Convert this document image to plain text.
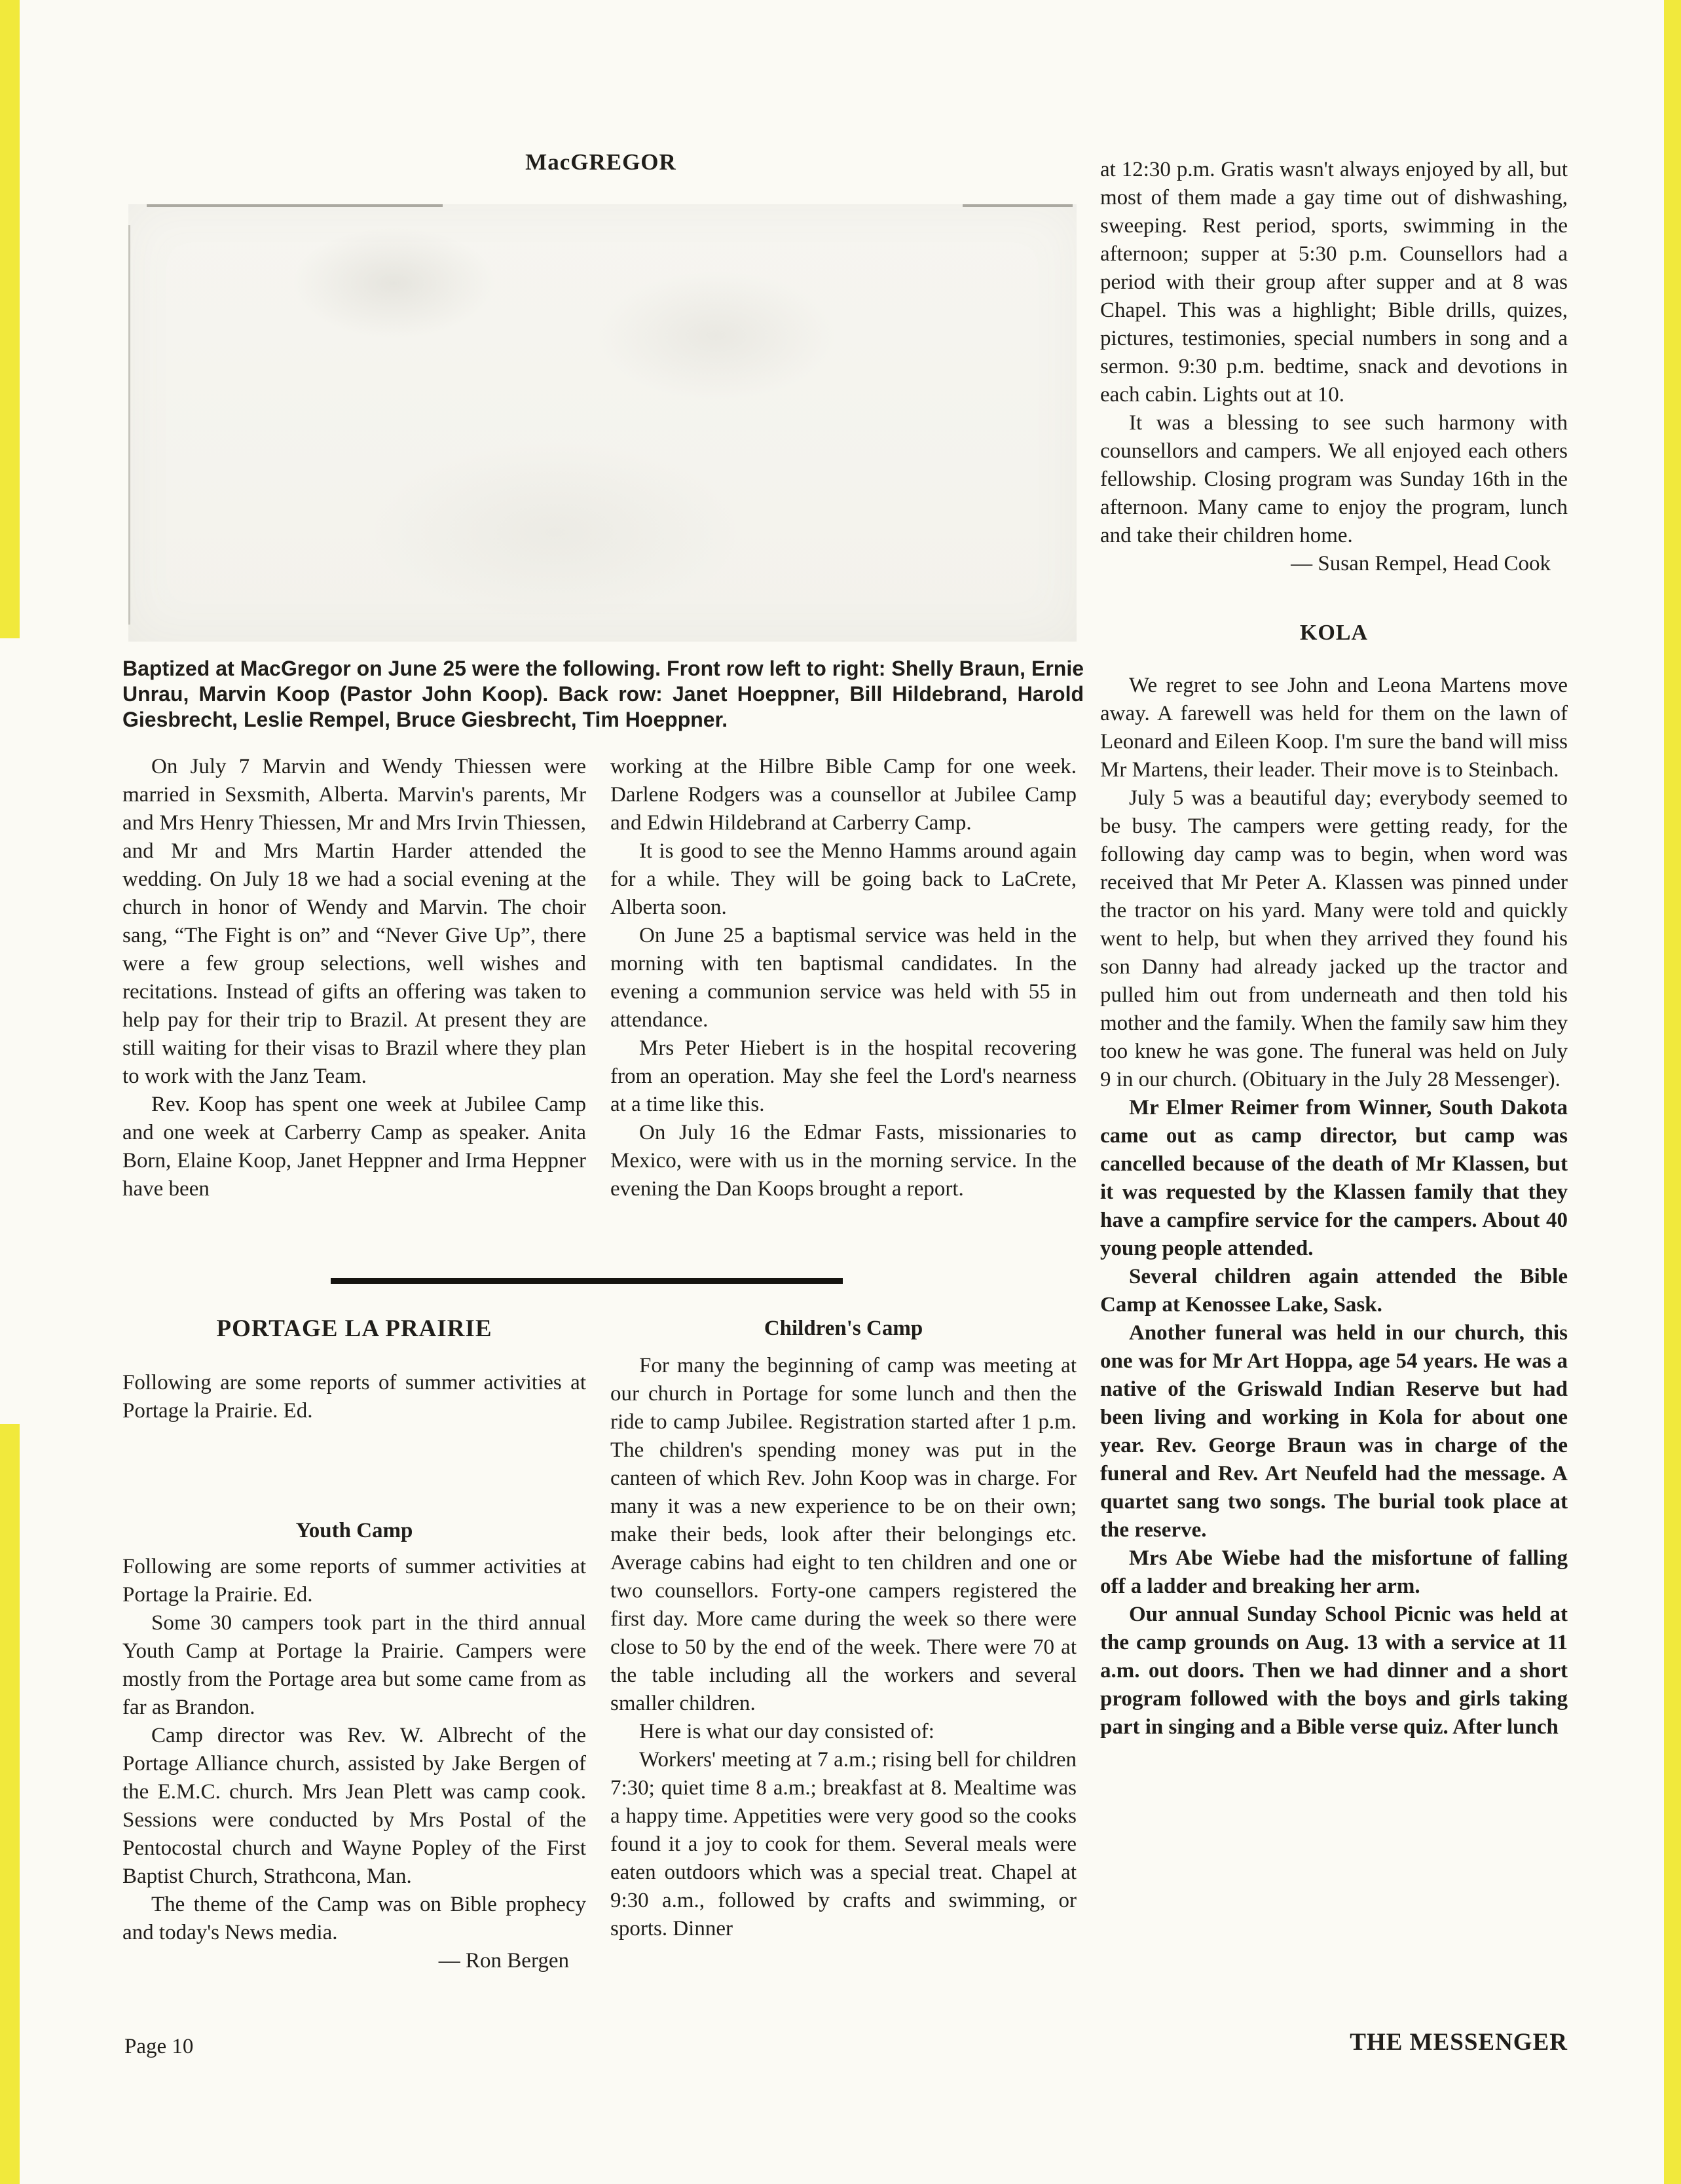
MacGREGOR
Baptized at MacGregor on June 25 were the following. Front row left to right: Shelly Braun, Ernie Unrau, Marvin Koop (Pastor John Koop). Back row: Janet Hoeppner, Bill Hildebrand, Harold Giesbrecht, Leslie Rempel, Bruce Giesbrecht, Tim Hoeppner.

On July 7 Marvin and Wendy Thiessen were married in Sexsmith, Alberta. Marvin's parents, Mr and Mrs Henry Thiessen, Mr and Mrs Irvin Thiessen, and Mr and Mrs Martin Harder attended the wedding. On July 18 we had a social evening at the church in honor of Wendy and Marvin. The choir sang, “The Fight is on” and “Never Give Up”, there were a few group selections, well wishes and recitations. Instead of gifts an offering was taken to help pay for their trip to Brazil. At present they are still waiting for their visas to Brazil where they plan to work with the Janz Team.

Rev. Koop has spent one week at Jubilee Camp and one week at Carberry Camp as speaker. Anita Born, Elaine Koop, Janet Heppner and Irma Heppner have been

working at the Hilbre Bible Camp for one week. Darlene Rodgers was a counsellor at Jubilee Camp and Edwin Hildebrand at Carberry Camp.

It is good to see the Menno Hamms around again for a while. They will be going back to LaCrete, Alberta soon.

On June 25 a baptismal service was held in the morning with ten baptismal candidates. In the evening a communion service was held with 55 in attendance.

Mrs Peter Hiebert is in the hospital recovering from an operation. May she feel the Lord's nearness at a time like this.

On July 16 the Edmar Fasts, missionaries to Mexico, were with us in the morning service. In the evening the Dan Koops brought a report.

PORTAGE LA PRAIRIE

Following are some reports of summer activities at Portage la Prairie. Ed.

Youth Camp

Following are some reports of summer activities at Portage la Prairie. Ed.

Some 30 campers took part in the third annual Youth Camp at Portage la Prairie. Campers were mostly from the Portage area but some came from as far as Brandon.

Camp director was Rev. W. Albrecht of the Portage Alliance church, assisted by Jake Bergen of the E.M.C. church. Mrs Jean Plett was camp cook. Sessions were conducted by Mrs Postal of the Pentocostal church and Wayne Popley of the First Baptist Church, Strathcona, Man.

The theme of the Camp was on Bible prophecy and today's News media.

— Ron Bergen

Children's Camp

For many the beginning of camp was meeting at our church in Portage for some lunch and then the ride to camp Jubilee. Registration started after 1 p.m. The children's spending money was put in the canteen of which Rev. John Koop was in charge. For many it was a new experience to be on their own; make their beds, look after their belongings etc. Average cabins had eight to ten children and one or two counsellors. Forty-one campers registered the first day. More came during the week so there were close to 50 by the end of the week. There were 70 at the table including all the workers and several smaller children.

Here is what our day consisted of:

Workers' meeting at 7 a.m.; rising bell for children 7:30; quiet time 8 a.m.; breakfast at 8. Mealtime was a happy time. Appetities were very good so the cooks found it a joy to cook for them. Several meals were eaten outdoors which was a special treat. Chapel at 9:30 a.m., followed by crafts and swimming, or sports. Dinner

at 12:30 p.m. Gratis wasn't always enjoyed by all, but most of them made a gay time out of dishwashing, sweeping. Rest period, sports, swimming in the afternoon; supper at 5:30 p.m. Counsellors had a period with their group after supper and at 8 was Chapel. This was a highlight; Bible drills, quizes, pictures, testimonies, special numbers in song and a sermon. 9:30 p.m. bedtime, snack and devotions in each cabin. Lights out at 10.

It was a blessing to see such harmony with counsellors and campers. We all enjoyed each others fellowship. Closing program was Sunday 16th in the afternoon. Many came to enjoy the program, lunch and take their children home.

— Susan Rempel, Head Cook

KOLA

We regret to see John and Leona Martens move away. A farewell was held for them on the lawn of Leonard and Eileen Koop. I'm sure the band will miss Mr Martens, their leader. Their move is to Steinbach.

July 5 was a beautiful day; everybody seemed to be busy. The campers were getting ready, for the following day camp was to begin, when word was received that Mr Peter A. Klassen was pinned under the tractor on his yard. Many were told and quickly went to help, but when they arrived they found his son Danny had already jacked up the tractor and pulled him out from underneath and then told his mother and the family. When the family saw him they too knew he was gone. The funeral was held on July 9 in our church. (Obituary in the July 28 Messenger).

Mr Elmer Reimer from Winner, South Dakota came out as camp director, but camp was cancelled because of the death of Mr Klassen, but it was requested by the Klassen family that they have a campfire service for the campers. About 40 young people attended.

Several children again attended the Bible Camp at Kenossee Lake, Sask.

Another funeral was held in our church, this one was for Mr Art Hoppa, age 54 years. He was a native of the Griswald Indian Reserve but had been living and working in Kola for about one year. Rev. George Braun was in charge of the funeral and Rev. Art Neufeld had the message. A quartet sang two songs. The burial took place at the reserve.

Mrs Abe Wiebe had the misfortune of falling off a ladder and breaking her arm.

Our annual Sunday School Picnic was held at the camp grounds on Aug. 13 with a service at 11 a.m. out doors. Then we had dinner and a short program followed with the boys and girls taking part in singing and a Bible verse quiz. After lunch

Page 10	THE MESSENGER
